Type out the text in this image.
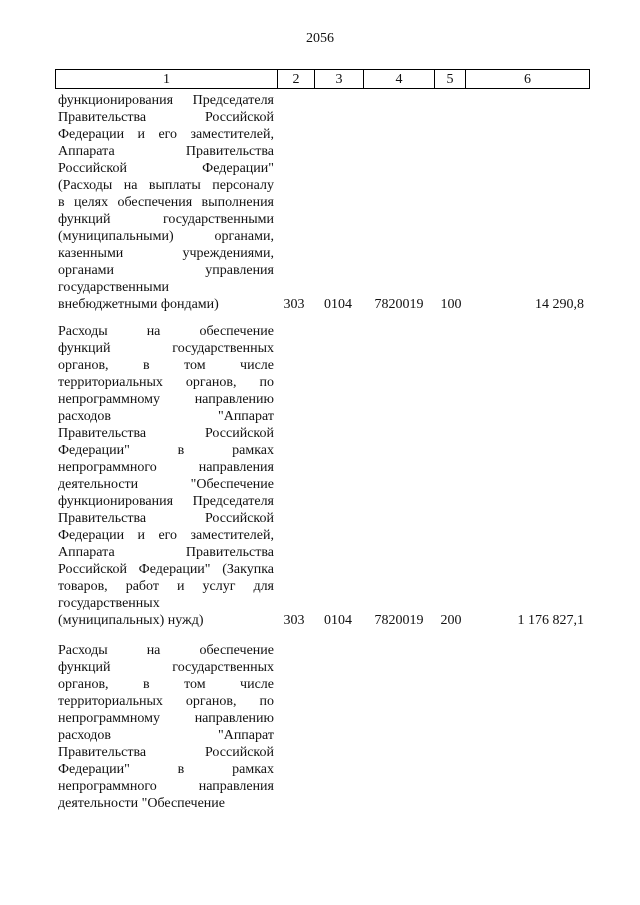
2056
1	2	3	4	5	6
функционирования Председателя
Правительства Российской
Федерации и его заместителей,
Аппарата Правительства
Российской Федерации"
(Расходы на выплаты персоналу
в целях обеспечения выполнения
функций государственными
(муниципальными) органами,
казенными учреждениями,
органами управления
государственными
внебюджетными фондами)	303	0104	7820019	100	14 290,8
Расходы на обеспечение
функций государственных
органов, в том числе
территориальных органов, по
непрограммному направлению
расходов "Аппарат
Правительства Российской
Федерации" в рамках
непрограммного направления
деятельности "Обеспечение
функционирования Председателя
Правительства Российской
Федерации и его заместителей,
Аппарата Правительства
Российской Федерации" (Закупка
товаров, работ и услуг для
государственных
(муниципальных) нужд)	303	0104	7820019	200	1 176 827,1
Расходы на обеспечение
функций государственных
органов, в том числе
территориальных органов, по
непрограммному направлению
расходов "Аппарат
Правительства Российской
Федерации" в рамках
непрограммного направления
деятельности "Обеспечение
